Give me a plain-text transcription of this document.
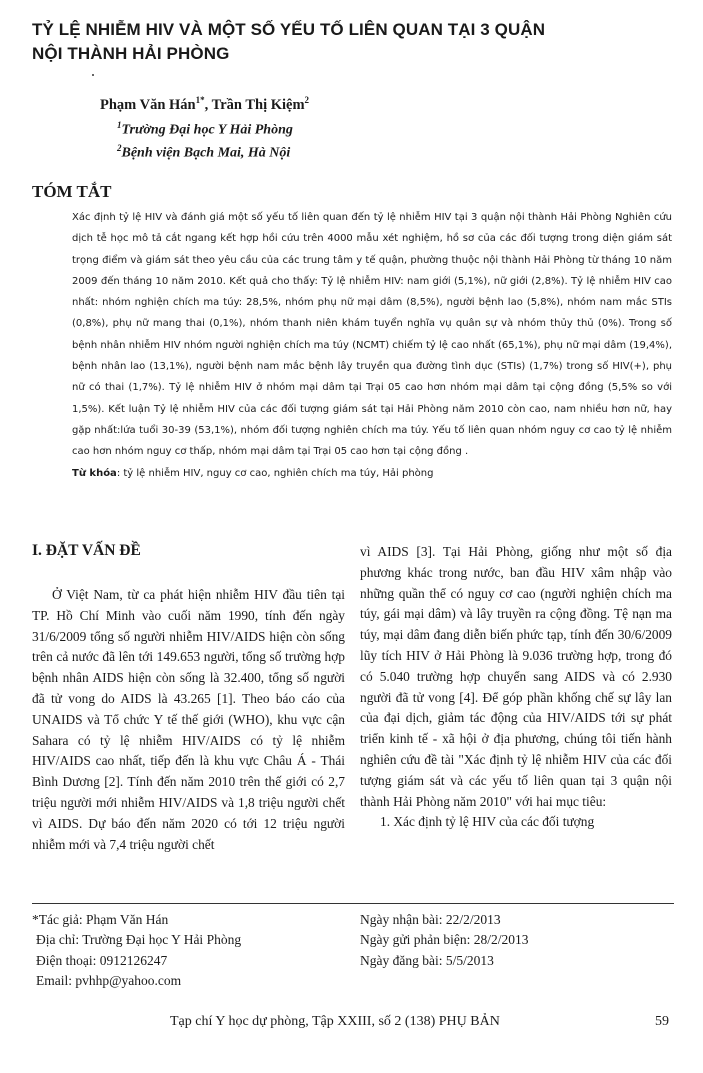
TỶ LỆ NHIỄM HIV VÀ MỘT SỐ YẾU TỐ LIÊN QUAN TẠI 3 QUẬN
NỘI THÀNH HẢI PHÒNG
Phạm Văn Hán$^{1*}$, Trần Thị Kiệm$^2$
$^1$Trường Đại học Y Hải Phòng
$^2$Bệnh viện Bạch Mai, Hà Nội
TÓM TẮT

Xác định tỷ lệ HIV và đánh giá một số yếu tố liên quan đến tỷ lệ nhiễm HIV tại 3 quận nội thành Hải Phòng Nghiên cứu dịch tễ học mô tả cắt ngang kết hợp hồi cứu trên 4000 mẫu xét nghiệm, hồ sơ của các đối tượng trong diện giám sát trọng điểm và giám sát theo yêu cầu của các trung tâm y tế quận, phường thuộc nội thành Hải Phòng từ tháng 10 năm 2009 đến tháng 10 năm 2010. Kết quả cho thấy: Tỷ lệ nhiễm HIV: nam giới (5,1%), nữ giới (2,8%). Tỷ lệ nhiễm HIV cao nhất: nhóm nghiện chích ma túy: 28,5%, nhóm phụ nữ mại dâm (8,5%), người bệnh lao (5,8%), nhóm nam mắc STIs (0,8%), phụ nữ mang thai (0,1%), nhóm thanh niên khám tuyển nghĩa vụ quân sự và nhóm thủy thủ (0%). Trong số bệnh nhân nhiễm HIV nhóm người nghiện chích ma túy (NCMT) chiếm tỷ lệ cao nhất (65,1%), phụ nữ mại dâm (19,4%), bệnh nhân lao (13,1%), người bệnh nam mắc bệnh lây truyền qua đường tình dục (STIs) (1,7%) trong số HIV(+), phụ nữ có thai (1,7%). Tỷ lệ nhiễm HIV ở nhóm mại dâm tại Trại 05 cao hơn nhóm mại dâm tại cộng đồng (5,5% so với 1,5%). Kết luận Tỷ lệ nhiễm HIV của các đối tượng giám sát tại Hải Phòng năm 2010 còn cao, nam nhiều hơn nữ, hay gặp nhất:lứa tuổi 30-39 (53,1%), nhóm đối tượng nghiên chích ma túy. Yếu tố liên quan nhóm nguy cơ cao tỷ lệ nhiễm cao hơn nhóm nguy cơ thấp, nhóm mại dâm tại Trại 05 cao hơn tại cộng đồng .

Từ khóa: tỷ lệ nhiễm HIV, nguy cơ cao, nghiên chích ma túy, Hải phòng

I. ĐẶT VẤN ĐỀ

Ở Việt Nam, từ ca phát hiện nhiễm HIV đầu tiên tại TP. Hồ Chí Minh vào cuối năm 1990, tính đến ngày 31/6/2009 tổng số người nhiễm HIV/AIDS hiện còn sống trên cả nước đã lên tới 149.653 người, tổng số trường hợp bệnh nhân AIDS hiện còn sống là 32.400, tổng số người đã tử vong do AIDS là 43.265 [1]. Theo báo cáo của UNAIDS và Tổ chức Y tế thế giới (WHO), khu vực cận Sahara có tỷ lệ nhiễm HIV/AIDS có tỷ lệ nhiễm HIV/AIDS cao nhất, tiếp đến là khu vực Châu Á - Thái Bình Dương [2]. Tính đến năm 2010 trên thế giới có 2,7 triệu người mới nhiễm HIV/AIDS và 1,8 triệu người chết vì AIDS. Dự báo đến năm 2020 có tới 12 triệu người nhiễm mới và 7,4 triệu người chết

vì AIDS [3]. Tại Hải Phòng, giống như một số địa phương khác trong nước, ban đầu HIV xâm nhập vào những quần thể có nguy cơ cao (người nghiện chích ma túy, gái mại dâm) và lây truyền ra cộng đồng. Tệ nạn ma túy, mại dâm đang diễn biến phức tạp, tính đến 30/6/2009 lũy tích HIV ở Hải Phòng là 9.036 trường hợp, trong đó có 5.040 trường hợp chuyển sang AIDS và có 2.930 người đã tử vong [4]. Để góp phần khống chế sự lây lan của đại dịch, giảm tác động của HIV/AIDS tới sự phát triển kinh tế - xã hội ở địa phương, chúng tôi tiến hành nghiên cứu đề tài "Xác định tỷ lệ nhiễm HIV của các đối tượng giám sát và các yếu tố liên quan tại 3 quận nội thành Hải Phòng năm 2010" với hai mục tiêu:

1. Xác định tỷ lệ HIV của các đối tượng

*Tác giả: Phạm Văn Hán
Địa chỉ: Trường Đại học Y Hải Phòng
Điện thoại: 0912126247
Email: pvhhp@yahoo.com
Ngày nhận bài: 22/2/2013
Ngày gửi phản biện: 28/2/2013
Ngày đăng bài: 5/5/2013
Tạp chí Y học dự phòng, Tập XXIII, số 2 (138) PHỤ BẢN	59
